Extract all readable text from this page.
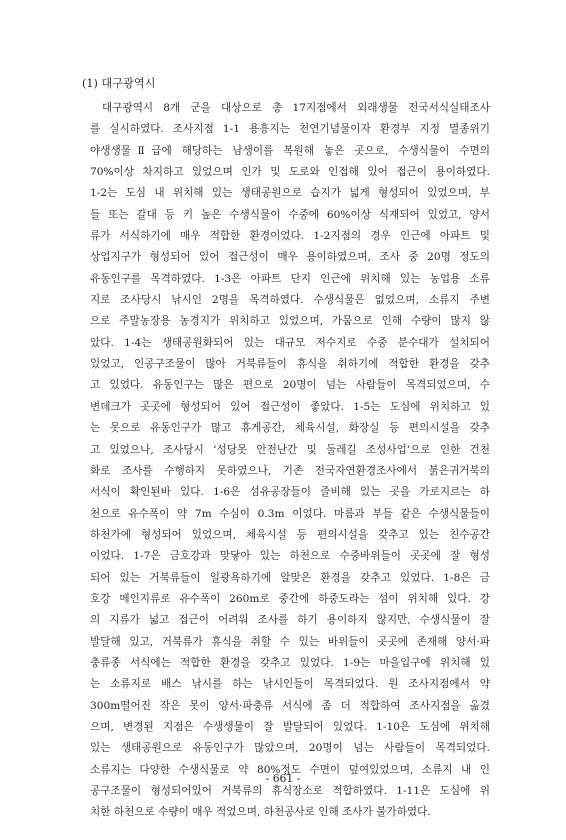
(1) 대구광역시
대구광역시 8개 군을 대상으로 총 17지점에서 외래생물 전국서식실태조사
를 실시하였다. 조사지점 1-1 용흥지는 천연기념물이자 환경부 지정 멸종위기
야생생물Ⅱ급에 해당하는 남생이를 복원해 놓은 곳으로, 수생식물이 수면의
70%이상 차지하고 있었으며 인가 및 도로와 인접해 있어 접근이 용이하였다.
1-2는 도심 내 위치해 있는 생태공원으로 습지가 넓게 형성되어 있었으며, 부
들 또는 갈대 등 키 높은 수생식물이 수중에 60%이상 식재되어 있었고, 양서
류가 서식하기에 매우 적합한 환경이었다. 1-2지점의 경우 인근에 아파트 및
상업지구가 형성되어 있어 접근성이 매우 용이하였으며, 조사 중 20명 정도의
유동인구를 목격하였다. 1-3은 아파트 단지 인근에 위치해 있는 농업용 소류
지로 조사당시 낚시인 2명을 목격하였다. 수생식물은 없었으며, 소류지 주변
으로 주말농장용 농경지가 위치하고 있었으며, 가뭄으로 인해 수량이 많지 않
았다. 1-4는 생태공원화되어 있는 대규모 저수지로 수중 분수대가 설치되어
있었고, 인공구조물이 많아 거북류들이 휴식을 취하기에 적합한 환경을 갖추
고 있었다. 유동인구는 많은 편으로 20명이 넘는 사람들이 목격되었으며, 수
변데크가 곳곳에 형성되어 있어 접근성이 좋았다. 1-5는 도심에 위치하고 있
는 못으로 유동인구가 많고 휴게공간, 체육시설, 화장실 등 편의시설을 갖추
고 있었으나, 조사당시 ‘성당못 안전난간 및 둘레길 조성사업’으로 인한 건천
화로 조사를 수행하지 못하였으나, 기존 전국자연환경조사에서 붉은귀거북의
서식이 확인된바 있다. 1-6은 섬유공장들이 즐비해 있는 곳을 가로지르는 하
천으로 유수폭이 약 7m 수심이 0.3m 이었다. 마름과 부들 같은 수생식물들이
하천가에 형성되어 있었으며, 체육시설 등 편의시설을 갖추고 있는 친수공간
이었다. 1-7은 금호강과 맞닿아 있는 하천으로 수중바위들이 곳곳에 잘 형성
되어 있는 거북류들이 일광욕하기에 알맞은 환경을 갖추고 있었다. 1-8은 금
호강 메인지류로 유수폭이 260m로 중간에 하중도라는 섬이 위치해 있다. 강
의 지류가 넓고 접근이 어려워 조사를 하기 용이하지 않지만, 수생식물이 잘
발달해 있고, 거북류가 휴식을 취할 수 있는 바위들이 곳곳에 존재해 양서·파
충류종 서식에는 적합한 환경을 갖추고 있었다. 1-9는 마을입구에 위치해 있
는 소류지로 배스 낚시를 하는 낚시인들이 목격되었다. 원 조사지점에서 약
300m떨어진 작은 못이 양서·파충류 서식에 좀 더 적합하여 조사지점을 옮겼
으며, 변경된 지점은 수생생물이 잘 발달되어 있었다. 1-10은 도심에 위치해
있는 생태공원으로 유동인구가 많았으며, 20명이 넘는 사람들이 목격되었다.
소류지는 다양한 수생식물로 약 80%정도 수면이 덮여있었으며, 소류지 내 인
공구조물이 형성되어있어 거북류의 휴식장소로 적합하였다. 1-11은 도심에 위
치한 하천으로 수량이 매우 적었으며, 하천공사로 인해 조사가 불가하였다.
- 661 -
